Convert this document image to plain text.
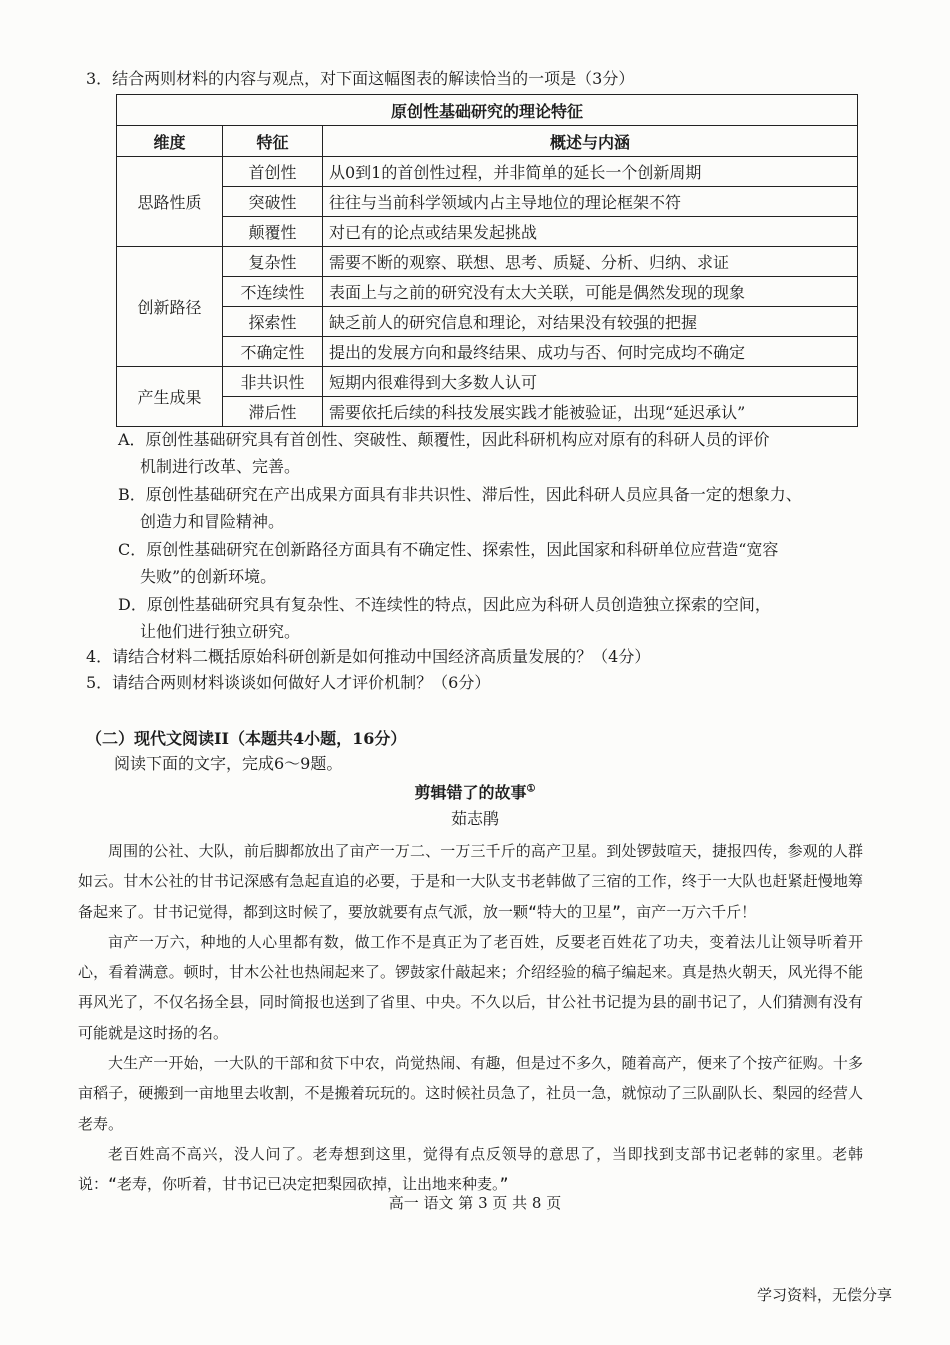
3．结合两则材料的内容与观点，对下面这幅图表的解读恰当的一项是（3分）
原创性基础研究的理论特征		
维度	特征	概述与内涵
思路性质	首创性	从0到1的首创性过程，并非简单的延长一个创新周期
	突破性	往往与当前科学领域内占主导地位的理论框架不符
	颠覆性	对已有的论点或结果发起挑战
创新路径	复杂性	需要不断的观察、联想、思考、质疑、分析、归纳、求证
	不连续性	表面上与之前的研究没有太大关联，可能是偶然发现的现象
	探索性	缺乏前人的研究信息和理论，对结果没有较强的把握
	不确定性	提出的发展方向和最终结果、成功与否、何时完成均不确定
产生成果	非共识性	短期内很难得到大多数人认可
	滞后性	需要依托后续的科技发展实践才能被验证，出现“延迟承认”
A．原创性基础研究具有首创性、突破性、颠覆性，因此科研机构应对原有的科研人员的评价
机制进行改革、完善。
B．原创性基础研究在产出成果方面具有非共识性、滞后性，因此科研人员应具备一定的想象力、
创造力和冒险精神。
C．原创性基础研究在创新路径方面具有不确定性、探索性，因此国家和科研单位应营造“宽容
失败”的创新环境。
D．原创性基础研究具有复杂性、不连续性的特点，因此应为科研人员创造独立探索的空间，
让他们进行独立研究。
4．请结合材料二概括原始科研创新是如何推动中国经济高质量发展的？（4分）
5．请结合两则材料谈谈如何做好人才评价机制？（6分）
（二）现代文阅读II（本题共4小题，16分）
阅读下面的文字，完成6～9题。
剪辑错了的故事①
茹志鹃

周围的公社、大队，前后脚都放出了亩产一万二、一万三千斤的高产卫星。到处锣鼓喧天，捷报四传，参观的人群如云。甘木公社的甘书记深感有急起直追的必要，于是和一大队支书老韩做了三宿的工作，终于一大队也赶紧赶慢地筹备起来了。甘书记觉得，都到这时候了，要放就要有点气派，放一颗“特大的卫星”，亩产一万六千斤！

亩产一万六，种地的人心里都有数，做工作不是真正为了老百姓，反要老百姓花了功夫，变着法儿让领导听着开心，看着满意。顿时，甘木公社也热闹起来了。锣鼓家什敲起来；介绍经验的稿子编起来。真是热火朝天，风光得不能再风光了，不仅名扬全县，同时简报也送到了省里、中央。不久以后，甘公社书记提为县的副书记了，人们猜测有没有可能就是这时扬的名。

大生产一开始，一大队的干部和贫下中农，尚觉热闹、有趣，但是过不多久，随着高产，便来了个按产征购。十多亩稻子，硬搬到一亩地里去收割，不是搬着玩玩的。这时候社员急了，社员一急，就惊动了三队副队长、梨园的经营人老寿。

老百姓高不高兴，没人问了。老寿想到这里，觉得有点反领导的意思了，当即找到支部书记老韩的家里。老韩说：“老寿，你听着，甘书记已决定把梨园砍掉，让出地来种麦。”

高一 语文 第 3 页 共 8 页
学习资料，无偿分享
